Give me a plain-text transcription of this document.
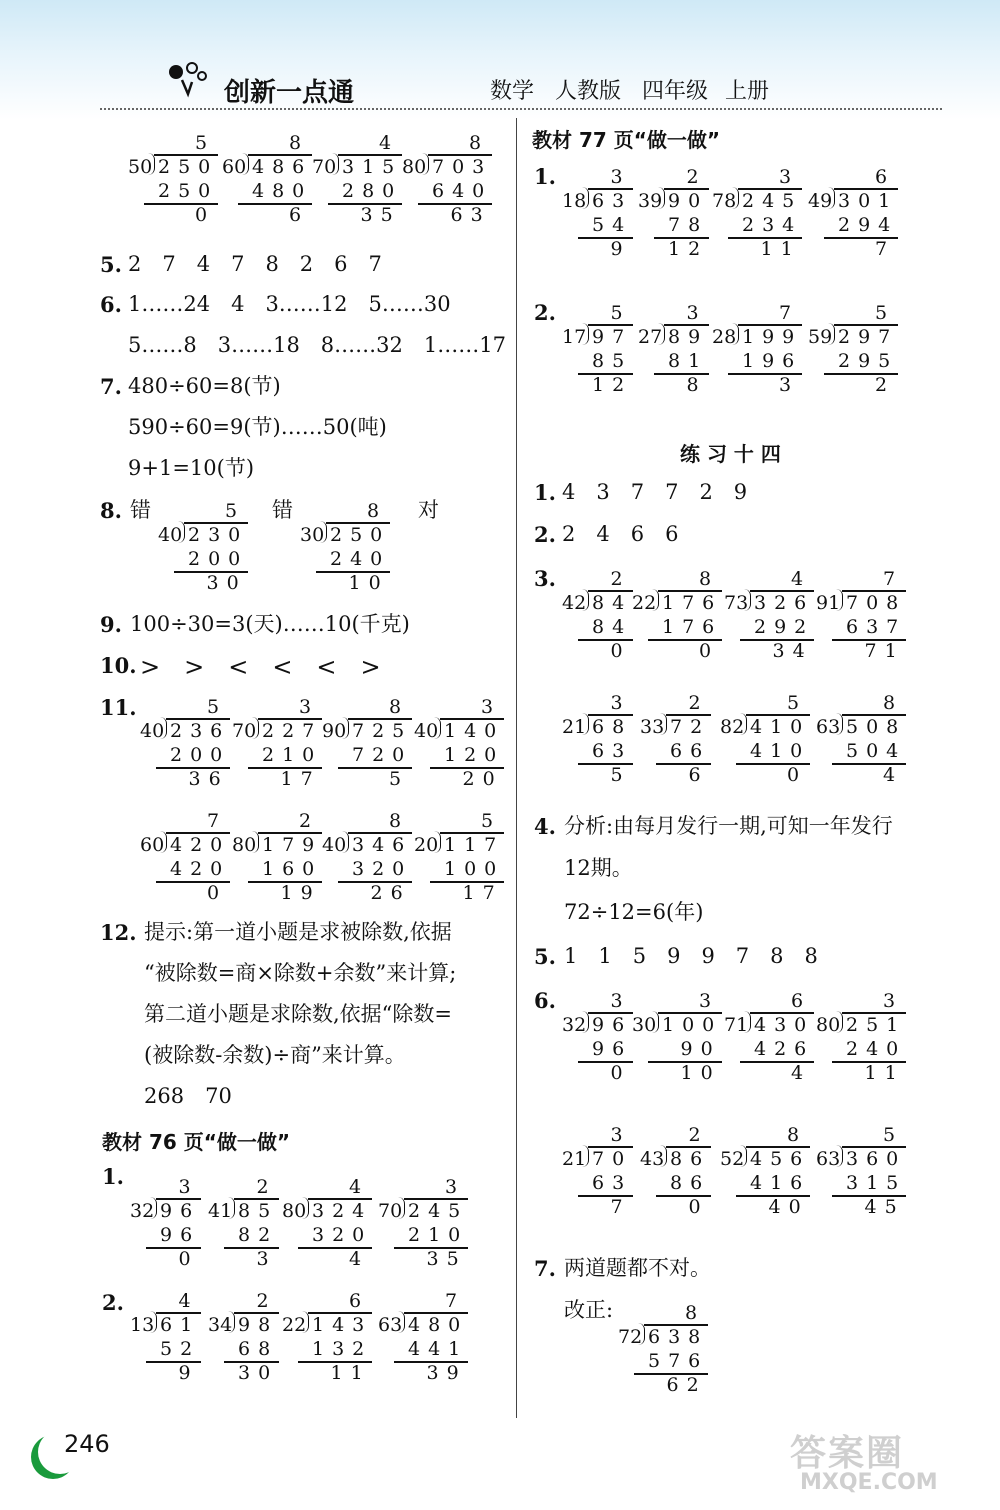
创新一点通	数学 人教版 四年级 上册
50
5
250
250
0
60
8
486
480
6
70
4
315
280
35
80
8
703
640
63
40
5
230
200
30
30
8
250
240
10
40
5
236
200
36
70
3
227
210
17
90
8
725
720
5
40
3
140
120
20
60
7
420
420
0
80
2
179
160
19
40
8
346
320
26
20
5
117
100
17
32
3
96
96
0
41
2
85
82
3
80
4
324
320
4
70
3
245
210
35
13
4
61
52
9
34
2
98
68
30
22
6
143
132
11
63
7
480
441
39
18
3
63
54
9
39
2
90
78
12
78
3
245
234
11
49
6
301
294
7
17
5
97
85
12
27
3
89
81
8
28
7
199
196
3
59
5
297
295
2
42
2
84
84
0
22
8
176
176
0
73
4
326
292
34
91
7
708
637
71
21
3
68
63
5
33
2
72
66
6
82
5
410
410
0
63
8
508
504
4
32
3
96
96
0
30
3
100
90
10
71
6
430
426
4
80
3
251
240
11
21
3
70
63
7
43
2
86
86
0
52
8
456
416
40
63
5
360
315
45
72
8
638
576
62
5. 2　7　4　7　8　2　6　7
6. 1……24　4　3……12　5……30
5……8　3……18　8……32　1……17
7. 480÷60=8(节)
590÷60=9(节)……50(吨)
9+1=10(节)
8. 错	错	对
9. 100÷30=3(天)……10(千克)
10. >　>　<　<　<　>
11.
12. 提示:第一道小题是求被除数,依据
“被除数=商×除数+余数”来计算;
第二道小题是求除数,依据“除数=
(被除数-余数)÷商”来计算。
268　70
教材 76 页“做一做”
1.
2.
教材 77 页“做一做”
1.
2.
练 习 十 四
1. 4　3　7　7　2　9
2. 2　4　6　6
3.
4. 分析:由每月发行一期,可知一年发行
12期。
72÷12=6(年)
5. 1　1　5　9　9　7　8　8
6.
7. 两道题都不对。
改正:
246	答案圈
MXQE.COM
